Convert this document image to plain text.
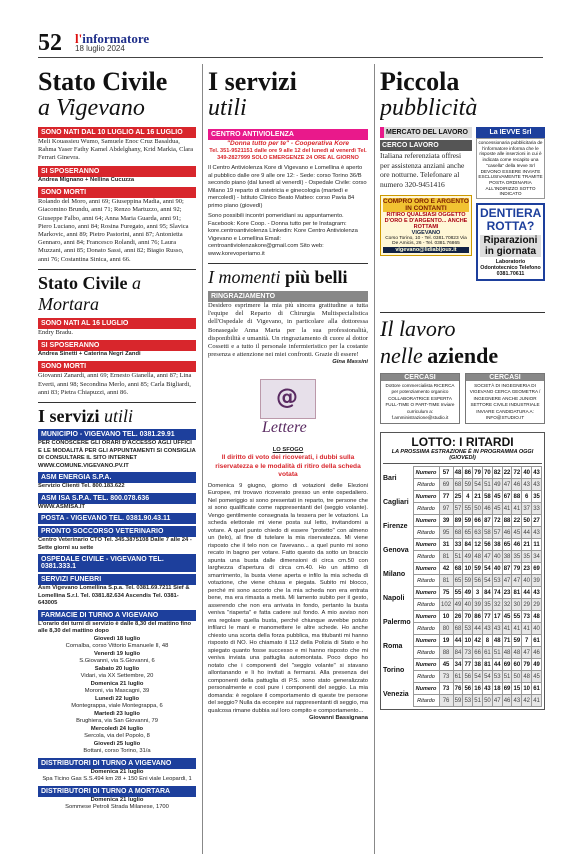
52 l'informatore
18 luglio 2024
Stato Civile
a Vigevano
SONO NATI DAL 10 LUGLIO AL 16 LUGLIO
Meli Kouassieu Wumo, Samuele Enoc Cruz Basaldua, Rahma Yaser Fathy Kamel Abdelghany, Krid Markia, Clara Ferrari Ginevra.
SI SPOSERANNO
Andrea Mignano + Nellina Cucuzza
SONO MORTI
Rolando del Moro, anni 69; Giuseppina Madia, anni 90; Giacomino Brundu, anni 71; Renzo Martuzzo, anni 92; Giuseppe Falbo, anni 64; Anna Maria Guarda, anni 91; Piero Luciano, anni 84; Rosina Furegato, anni 95; Slavica Markovic, anni 89; Pietro Pastorini, anni 87; Antonietta Gennaro, anni 84; Francesco Rolandi, anni 76; Laura Muzzani, anni 85; Donato Sassi, anni 82; Biagio Russo, anni 76; Costantina Sinica, anni 66.
Stato Civile a Mortara
SONO NATI AL 16 LUGLIO
Endry Bradu.
SI SPOSERANNO
Andrea Sinetti + Caterina Negri Zandi
SONO MORTI
Giovanni Zanardi, anni 69; Ernesto Gianella, anni 87; Lina Everti, anni 98; Secondina Merlo, anni 85; Carla Bigliardi, anni 83; Pietra Chiapuzzi, anni 86.
I servizi utili
MUNICIPIO - VIGEVANO TEL. 0381.29.91
PER CONOSCERE GLI ORARI D'ACCESSO AGLI UFFICI E LE MODALITÀ PER GLI APPUNTAMENTI SI CONSIGLIA DI CONSULTARE IL SITO INTERNET WWW.COMUNE.VIGEVANO.PV.IT
ASM ENERGIA S.P.A.
Servizio Clienti Tel. 800.183.622
ASM ISA S.P.A. TEL. 800.078.636
WWW.ASMISA.IT
POSTA - VIGEVANO TEL. 0381.90.43.11
PRONTO SOCCORSO VETERINARIO
Centro Veterinario CTO Tel. 345.3875108 Dalle 7 alle 24 - Sette giorni su sette
OSPEDALE CIVILE - VIGEVANO TEL. 0381.333.1
SERVIZI FUNEBRI
Asm Vigevano Lomellina S.p.a. Tel. 0381.69.7211 Sief & Lomellina S.r.l. Tel. 0381.82.634 Ascendis Tel. 0381-643005
FARMACIE DI TURNO A VIGEVANO
L'orario dei turni di servizio è dalle 8,30 del mattino fino alle 8,30 del mattino dopo
Giovedì 18 luglio
Cornalba, corso Vittorio Emanuele II, 48
Venerdì 19 luglio
S.Giovanni, via S.Giovanni, 6
Sabato 20 luglio
Vidari, via XX Settembre, 20
Domenica 21 luglio
Moroni, via Mascagni, 39
Lunedì 22 luglio
Montegrappa, viale Montegrappa, 6
Martedì 23 luglio
Brughiera, via San Giovanni, 79
Mercoledì 24 luglio
Sercola, via del Popolo, 8
Giovedì 25 luglio
Bottani, corso Torino, 31/a
DISTRIBUTORI DI TURNO A VIGEVANO
Domenica 21 luglio
Spa Ticino Gas S.S.494 km 28 + 150 Eni viale Leopardi, 1
DISTRIBUTORI DI TURNO A MORTARA
Domenica 21 luglio
Sommese Petroli Strada Milanese, 1700
I servizi
utili
CENTRO ANTIVIOLENZA
"Donna tutto per te" - Cooperativa Kore
Tel. 351-9521151 dalle ore 9 alle 12 del lunedì al venerdì Tel. 349-2827999 SOLO EMERGENZE 24 ORE AL GIORNO
Il Centro Antiviolenza Kore di Vigevano e Lomellina è aperto al pubblico dalle ore 9 alle ore 12: - Sede: corso Torino 36/B secondo piano (dal lunedì al venerdì) - Ospedale Civile: corso Milano 19 reparto di ostetricia e ginecologia (martedì e mercoledì) - Istituto Clinico Beato Matteo: corso Pavia 84 primo piano (giovedì)
Sono possibili incontri pomeridiani su appuntamento. Facebook: Kore Coop. - Donna tutto per te Instagram: kore.centroantiviolenza Linkedin: Kore Centro Antiviolenza Vigevano e Lomellina Email: centroantiviolenzakore@gmail.com Sito web: www.korevoperiamo.it
I momenti più belli
RINGRAZIAMENTO
Desidero esprimere la mia più sincera gratitudine a tutta l'equipe del Reparto di Chirurgia Multispecialistica dell'Ospedale di Vigevano, in particolare alla dottoressa Bonasegale Anna Marta per la sua professionalità, disponibilità e umanità. Un ringraziamento di cuore al dottor Cossetti e a tutto il personale infermieristico per la costante presenza e attenzione nei miei confronti. Grazie di essere!
Gina Massini
@
Lettere
LO SFOGO
Il diritto di voto dei ricoverati, i dubbi sulla riservatezza e le modalità di ritiro della scheda votata
Domenica 9 giugno, giorno di votazioni delle Elezioni Europee, mi trovavo ricoverato presso un ente ospedaliero. Nel pomeriggio si sono presentati in reparto, tre persone che si sono qualificate come rappresentanti del (seggio volante). Vengo gentilmente consegnata la tessera per le votazioni. La scheda elettorale mi viene posta sul letto, invitandomi a votare. A quel punto chiedo di essere "protetto" con almeno un (telo), al fine di tutelare la mia riservatezza. Mi viene risposto che il telo non ce l'avevano... a quel punto mi sono recato in bagno per votare. Fatto questo da sotto un braccio spunta una busta dalle dimensioni di circa cm.50 con larghezza d'apertura di circa cm.40. Ho un attimo di smarrimento, la busta viene aperta e infilo la mia scheda di votazione, che viene chiusa e piegata. Subito mi blocco, perché mi sono accorto che la mia scheda non era entrata bene, ma era rimasta a metà. Mi lamento subito per il gesto, asserendo che non era arrivata in fondo, pertanto la busta veniva "riaperta" e fatta cadere sul fondo. A mio avviso non era regolare quella busta, perché chiunque avrebbe potuto infilarci le mani e manomettere le altre schede. Ho anche chiesto una scorta della forza pubblica, ma titubanti mi hanno risposto di NO. Ho chiamato il 112 della Polizia di Stato e ho spiegato quanto fosse successo e mi hanno risposto che mi veniva inviata una pattuglia automontata. Poco dopo ho notato che i componenti del "seggio volante" si stavano allontanando e li ho invitati a fermarsi. Alla presenza dei componenti della pattuglia di P.S. sono stato generalizzato personalmente e così pure i componenti del seggio. La mia domanda: è regolare il comportamento di queste tre persone del seggio? Nulla da eccepire sui rappresentanti di seggio, ma qualcosa rimane dubbia sul loro compito e comportamento...
Giovanni Bassignana
Piccola
pubblicità
MERCATO DEL LAVORO
CERCO LAVORO
Italiana referenziata offresi per assistenza anziani anche ore notturne. Telefonare al numero 320-9451416
COMPRO ORO E ARGENTO IN CONTANTI
RITIRO QUALSIASI OGGETTO D'ORO E D'ARGENTO... ANCHE ROTTAMI
VIGEVANO
Corso Torino, 10 - Tel. 0381.70823 Via De Amicis, 26 - Tel. 0381.76865
vigevano@lidiabijoux.it
La IEVVE Srl
concessionaria pubblicitaria de l'informatore informa che le risposte alle inserzioni in cui è indicata come recapito una "casella" della Ievve Srl DEVONO ESSERE INVIATE ESCLUSIVAMENTE TRAMITE POSTA ORDINARIA ALL'INDIRIZZO SOTTO INDICATO
DENTIERA ROTTA?
Riparazioni in giornata
Laboratorio Odontotecnico Telefono 0381.70611
Il lavoro
nelle aziende
CERCASI
Dottore commercialista RICERCA per potenziamento organico COLLABORATRICE ESPERTA FULL-TIME O PART-TIME Inviare curriculum a: f.amministrazione@studio.it
CERCASI
SOCIETÀ DI INGEGNERIA DI VIGEVANO CERCA GEOMETRA / INGEGNERE ANCHE JUNIOR SETTORE CIVILE INDUSTRIALE INVIARE CANDIDATURA A: INFO@STUDIO.IT
LOTTO: I RITARDI
LA PROSSIMA ESTRAZIONE È IN PROGRAMMA OGGI (GIOVEDÌ)
Bari	Numero	57	48	86	79	70	82	22	72	40	43
	Ritardo	69	68	59	54	51	49	47	46	43	43
Cagliari	Numero	77	25	4	21	58	45	67	88	6	35
	Ritardo	97	57	55	50	46	45	41	41	37	33
Firenze	Numero	39	89	59	66	87	72	88	22	50	27
	Ritardo	95	68	65	63	58	57	46	45	44	43
Genova	Numero	31	33	84	12	56	38	65	46	21	11
	Ritardo	81	51	49	48	47	40	38	35	35	34
Milano	Numero	42	68	10	59	54	40	87	79	23	69
	Ritardo	81	65	59	56	54	53	47	47	40	39
Napoli	Numero	75	55	49	3	84	74	23	81	44	43
	Ritardo	102	49	40	39	35	32	32	30	29	29
Palermo	Numero	10	26	70	86	77	17	45	55	73	48
	Ritardo	80	68	53	44	43	43	41	41	41	40
Roma	Numero	19	44	10	42	8	48	71	59	7	61
	Ritardo	88	84	73	66	61	51	48	48	47	46
Torino	Numero	45	34	77	38	81	44	69	60	79	49
	Ritardo	73	61	56	54	54	53	51	50	48	45
Venezia	Numero	73	76	56	16	43	18	69	15	10	61
	Ritardo	76	59	53	51	50	47	46	43	42	41
